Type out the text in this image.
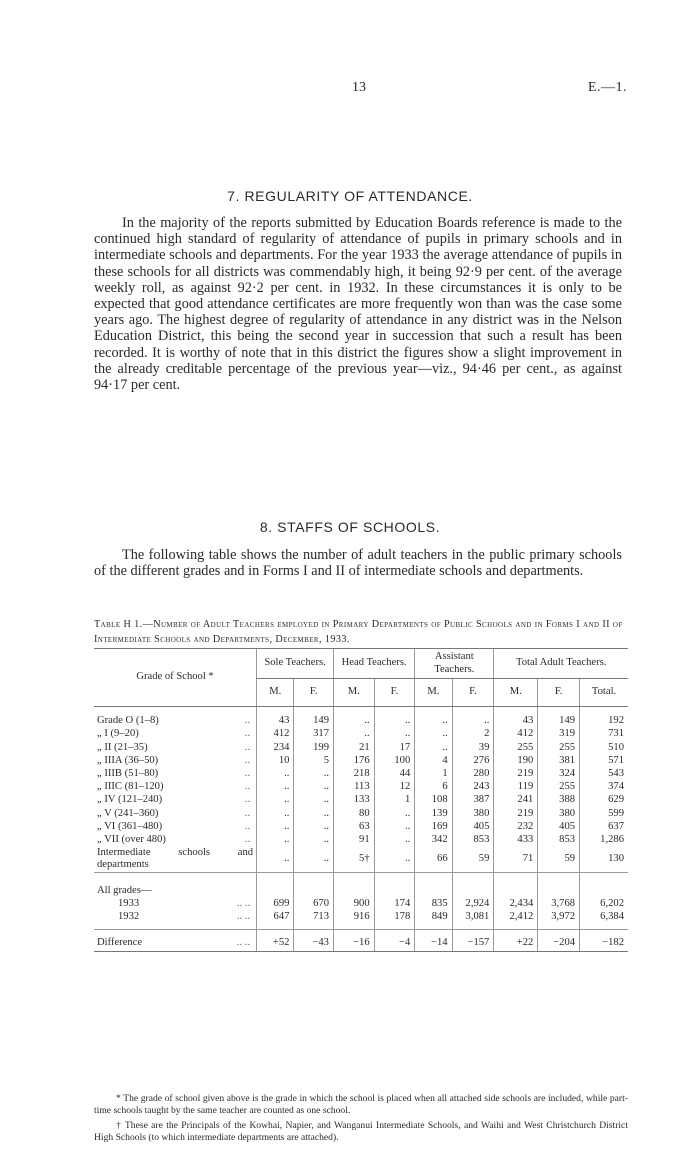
13	E.—1.
7. REGULARITY OF ATTENDANCE.

In the majority of the reports submitted by Education Boards reference is made to the continued high standard of regularity of attendance of pupils in primary schools and in intermediate schools and departments. For the year 1933 the average attendance of pupils in these schools for all districts was commendably high, it being 92·9 per cent. of the average weekly roll, as against 92·2 per cent. in 1932. In these circumstances it is only to be expected that good attendance certificates are more frequently won than was the case some years ago. The highest degree of regularity of attendance in any district was in the Nelson Education District, this being the second year in succession that such a result has been recorded. It is worthy of note that in this district the figures show a slight improvement in the already creditable percentage of the previous year—viz., 94·46 per cent., as against 94·17 per cent.

8. STAFFS OF SCHOOLS.

The following table shows the number of adult teachers in the public primary schools of the different grades and in Forms I and II of intermediate schools and departments.

Table H 1.—Number of Adult Teachers employed in Primary Departments of Public Schools and in Forms I and II of Intermediate Schools and Departments, December, 1933.
Grade of School *		Sole Teachers.		Head Teachers.		Assistant Teachers.		Total Adult Teachers.		
		M.	F.	M.	F.	M.	F.	M.	F.	Total.

Grade O (1–8)	..	43	149	..	..	..	..	43	149	192
„ I (9–20)	..	412	317	..	..	..	2	412	319	731
„ II (21–35)	..	234	199	21	17	..	39	255	255	510
„ IIIA (36–50)	..	10	5	176	100	4	276	190	381	571
„ IIIB (51–80)	..	..	..	218	44	1	280	219	324	543
„ IIIC (81–120)	..	..	..	113	12	6	243	119	255	374
„ IV (121–240)	..	..	..	133	1	108	387	241	388	629
„ V (241–360)	..	..	..	80	..	139	380	219	380	599
„ VI (361–480)	..	..	..	63	..	169	405	232	405	637
„ VII (over 480)	..	..	..	91	..	342	853	433	853	1,286
Intermediate schools and departments		..	..	5†	..	66	59	71	59	130

All grades—										
1933	.. ..	699	670	900	174	835	2,924	2,434	3,768	6,202
1932	.. ..	647	713	916	178	849	3,081	2,412	3,972	6,384

Difference	.. ..	+52	−43	−16	−4	−14	−157	+22	−204	−182

* The grade of school given above is the grade in which the school is placed when all attached side schools are included, while part-time schools taught by the same teacher are counted as one school.

† These are the Principals of the Kowhai, Napier, and Wanganui Intermediate Schools, and Waihi and West Christchurch District High Schools (to which intermediate departments are attached).
